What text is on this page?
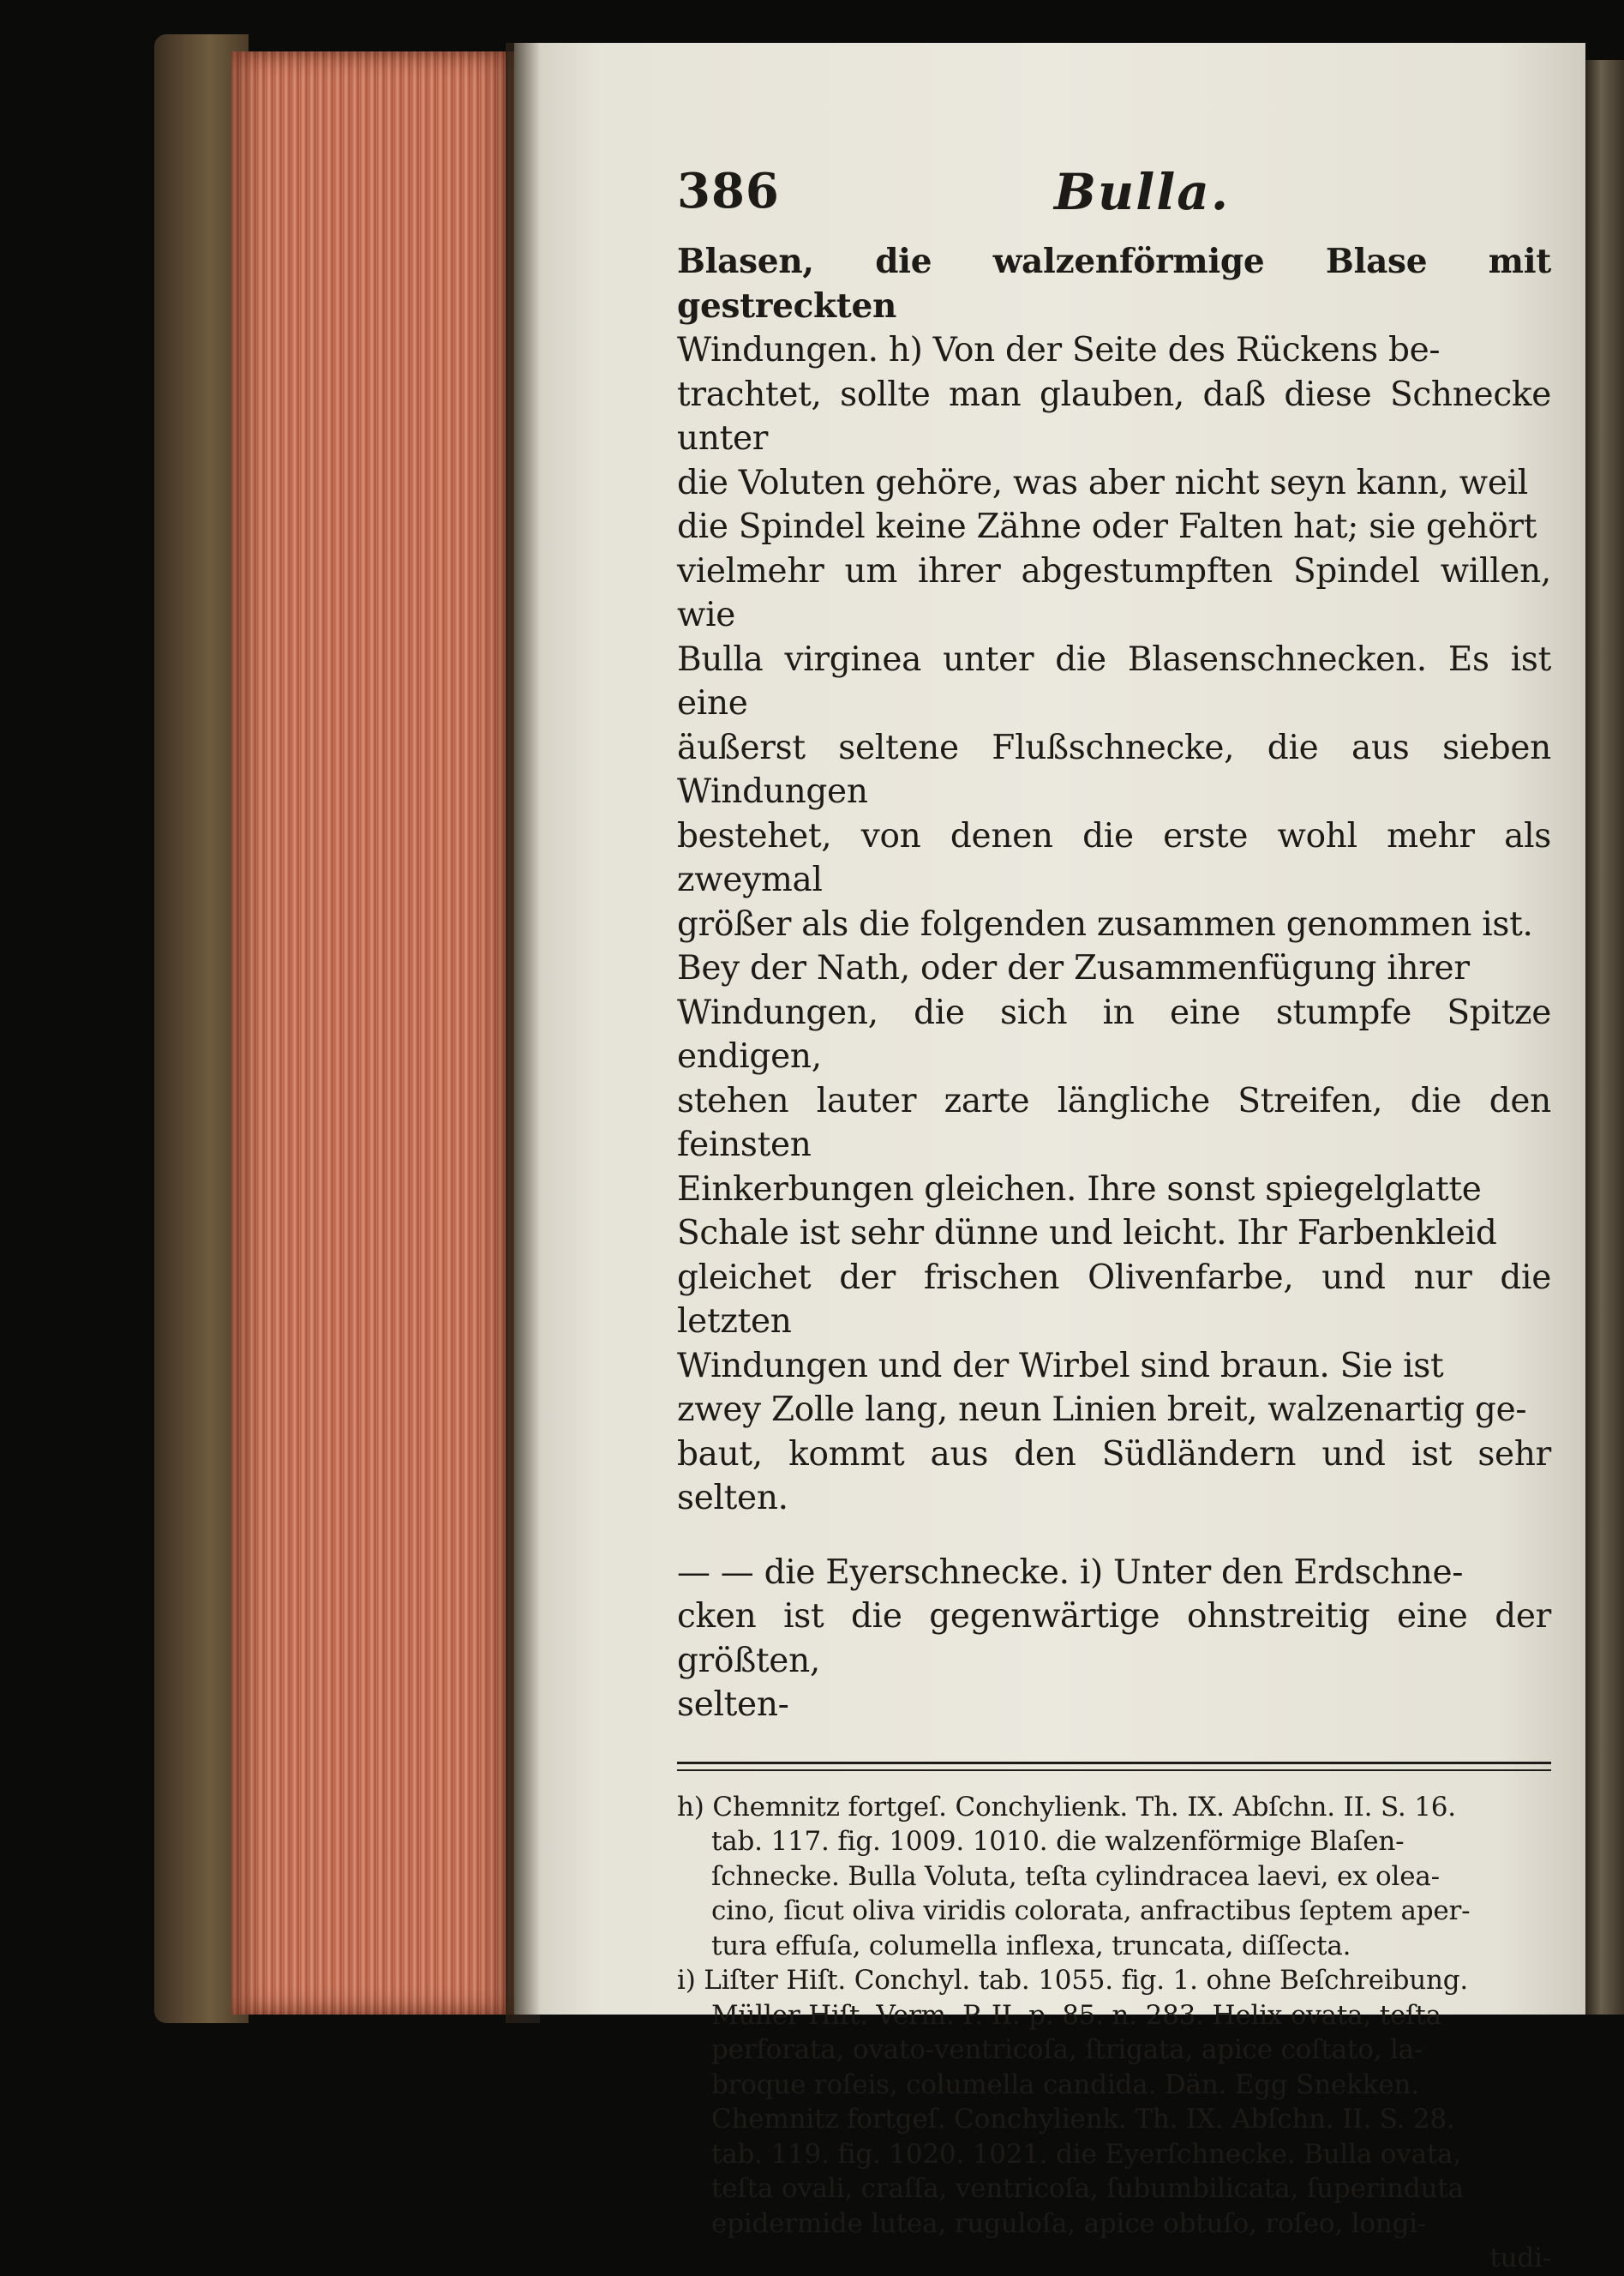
386	Bulla.
Blasen, die walzenförmige Blase mit gestreckten
Windungen. h) Von der Seite des Rückens be-
trachtet, sollte man glauben, daß diese Schnecke unter
die Voluten gehöre, was aber nicht seyn kann, weil
die Spindel keine Zähne oder Falten hat; sie gehört
vielmehr um ihrer abgestumpften Spindel willen, wie
Bulla virginea unter die Blasenschnecken. Es ist eine
äußerst seltene Flußschnecke, die aus sieben Windungen
bestehet, von denen die erste wohl mehr als zweymal
größer als die folgenden zusammen genommen ist.
Bey der Nath, oder der Zusammenfügung ihrer
Windungen, die sich in eine stumpfe Spitze endigen,
stehen lauter zarte längliche Streifen, die den feinsten
Einkerbungen gleichen. Ihre sonst spiegelglatte
Schale ist sehr dünne und leicht. Ihr Farbenkleid
gleichet der frischen Olivenfarbe, und nur die letzten
Windungen und der Wirbel sind braun. Sie ist
zwey Zolle lang, neun Linien breit, walzenartig ge-
baut, kommt aus den Südländern und ist sehr selten.
— — die Eyerschnecke. i) Unter den Erdschne-
cken ist die gegenwärtige ohnstreitig eine der größten,
selten-
h) Chemnitz fortgeſ. Conchylienk. Th. IX. Abſchn. II. S. 16.
tab. 117. fig. 1009. 1010. die walzenförmige Blaſen-
ſchnecke. Bulla Voluta, teſta cylindracea laevi, ex olea-
cino, ſicut oliva viridis colorata, anfractibus ſeptem aper-
tura effuſa, columella inflexa, truncata, diſſecta.
i) Liſter Hiſt. Conchyl. tab. 1055. fig. 1. ohne Beſchreibung.
Müller Hiſt. Verm. P. II. p. 85. n. 283. Helix ovata, teſta
perforata, ovato-ventricoſa, ſtrigata, apice coſtato, la-
broque roſeis, columella candida. Dän. Egg Snekken.
Chemnitz fortgeſ. Conchylienk. Th. IX. Abſchn. II. S. 28.
tab. 119. fig. 1020. 1021. die Eyerſchnecke. Bulla ovata,
teſta ovali, craſſa, ventricoſa, ſubumbilicata, ſuperinduta
epidermide lutea, ruguloſa, apice obtuſo, roſeo, longi-
tudi-
